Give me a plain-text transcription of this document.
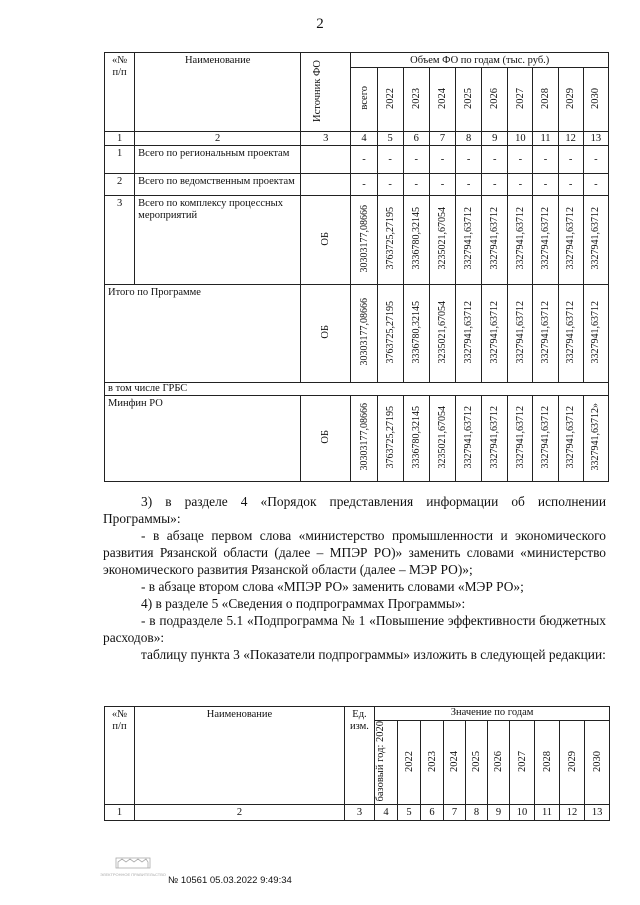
2
«№ п/п	Наименование	Источник ФО	Объем ФО по годам (тыс. руб.)									
			всего	2022	2023	2024	2025	2026	2027	2028	2029	2030
1	2	3	4	5	6	7	8	9	10	11	12	13
1	Всего по региональным проектам		-	-	-	-	-	-	-	-	-	-
2	Всего по ведомственным проектам		-	-	-	-	-	-	-	-	-	-
3	Всего по комплексу процессных мероприятий	ОБ	30303177,08666	3763725,27195	3336780,32145	3235021,67054	3327941,63712	3327941,63712	3327941,63712	3327941,63712	3327941,63712	3327941,63712
Итого по Программе		ОБ	30303177,08666	3763725,27195	3336780,32145	3235021,67054	3327941,63712	3327941,63712	3327941,63712	3327941,63712	3327941,63712	3327941,63712
в том числе ГРБС												
Минфин РО		ОБ	30303177,08666	3763725,27195	3336780,32145	3235021,67054	3327941,63712	3327941,63712	3327941,63712	3327941,63712	3327941,63712	3327941,63712»

3) в разделе 4 «Порядок представления информации об исполнении Программы»:

- в абзаце первом слова «министерство промышленности и экономического развития Рязанской области (далее – МПЭР РО)» заменить словами «министерство экономического развития Рязанской области (далее – МЭР РО)»;

- в абзаце втором слова «МПЭР РО» заменить словами «МЭР РО»;

4) в разделе 5 «Сведения о подпрограммах Программы»:

- в подразделе 5.1 «Подпрограмма № 1 «Повышение эффективности бюджетных расходов»:

таблицу пункта 3 «Показатели подпрограммы» изложить в следующей редакции:

«№ п/п	Наименование	Ед. изм.	Значение по годам									
			базовый год: 2020	2022	2023	2024	2025	2026	2027	2028	2029	2030
1	2	3	4	5	6	7	8	9	10	11	12	13
ЭЛЕКТРОННОЕ ПРАВИТЕЛЬСТВО
№ 10561 05.03.2022 9:49:34
